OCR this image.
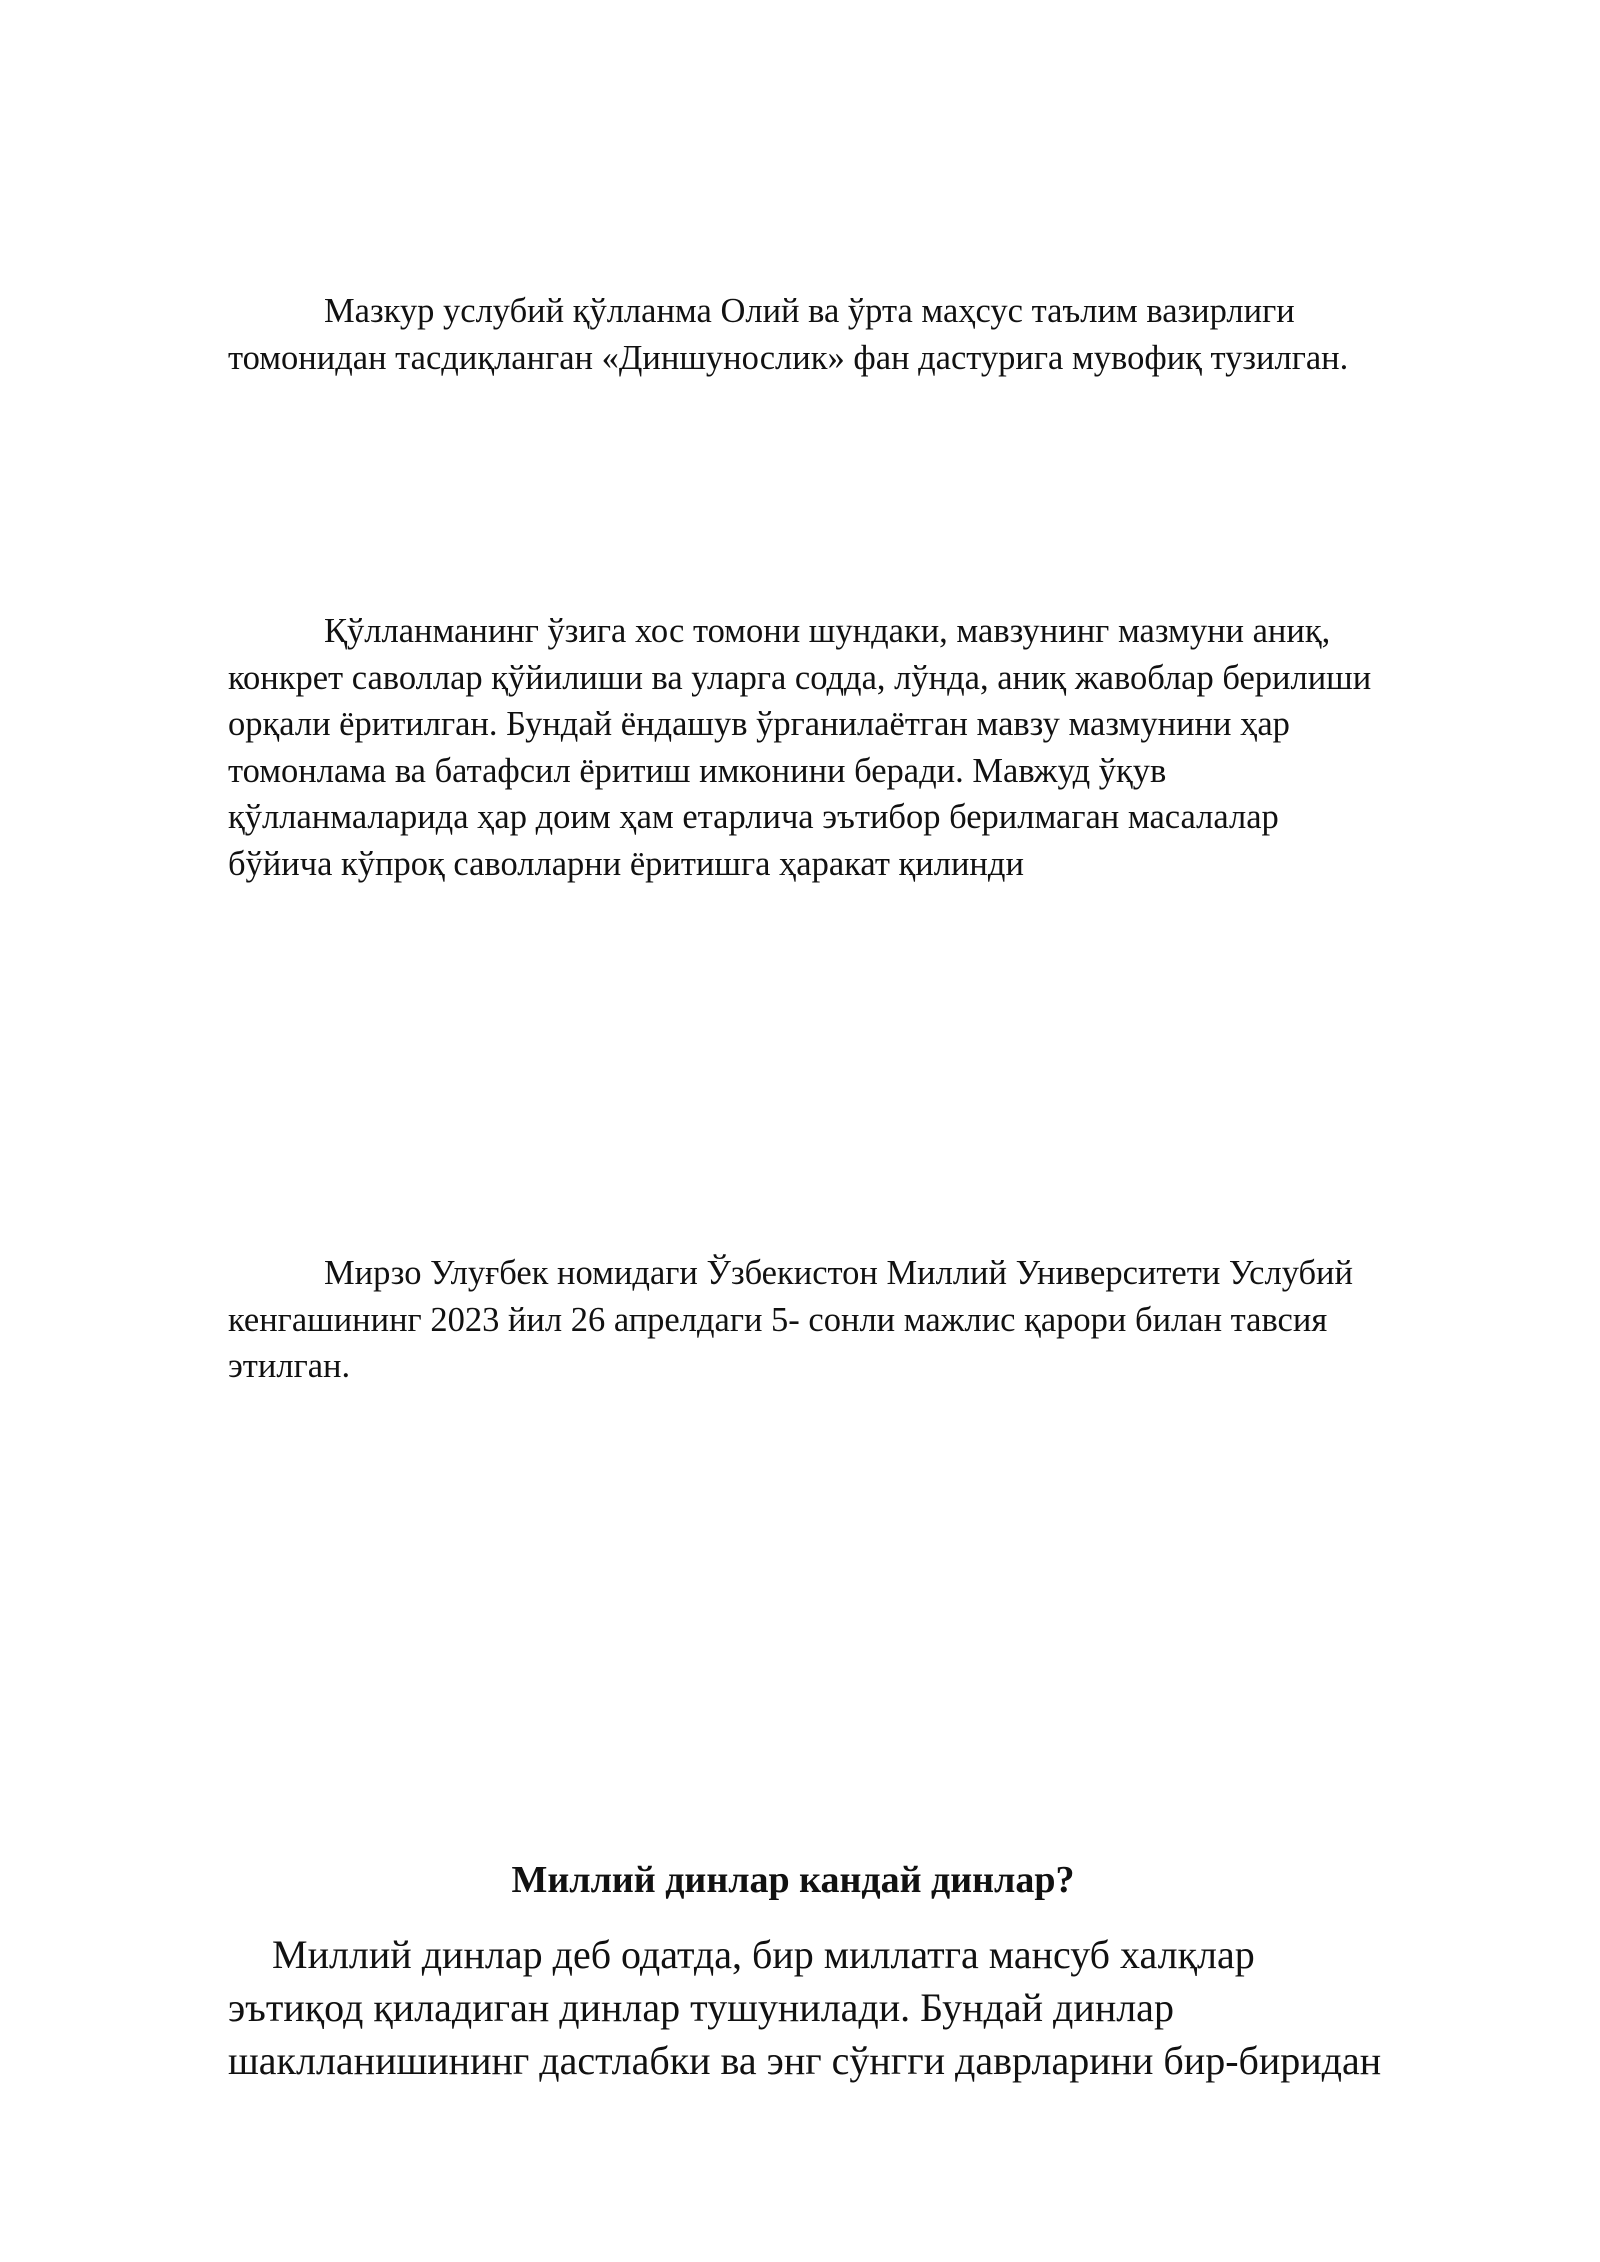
Мазкур услубий қўлланма Олий ва ўрта маҳсус таълим вазирлиги
томонидан тасдиқланган «Диншунослик» фан дастурига мувофиқ тузилган.

Қўлланманинг ўзига хос томони шундаки, мавзунинг мазмуни аниқ,
конкрет саволлар қўйилиши ва уларга содда, лўнда, аниқ жавоблар берилиши
орқали ёритилган. Бундай ёндашув ўрганилаётган мавзу мазмунини ҳар
томонлама ва батафсил ёритиш имконини беради. Мавжуд ўқув
қўлланмаларида ҳар доим ҳам етарлича эътибор берилмаган масалалар
бўйича кўпроқ саволларни ёритишга ҳаракат қилинди

Мирзо Улуғбек номидаги Ўзбекистон Миллий Университети Услубий
кенгашининг 2023 йил 26 апрелдаги 5- сонли мажлис қарори билан тавсия
этилган.

Миллий динлар кандай динлар?

Миллий динлар деб одатда, бир миллатга мансуб халқлар
эътиқод қиладиган динлар тушунилади. Бундай динлар
шаклланишининг дастлабки ва энг сўнгги даврларини бир-биридан
